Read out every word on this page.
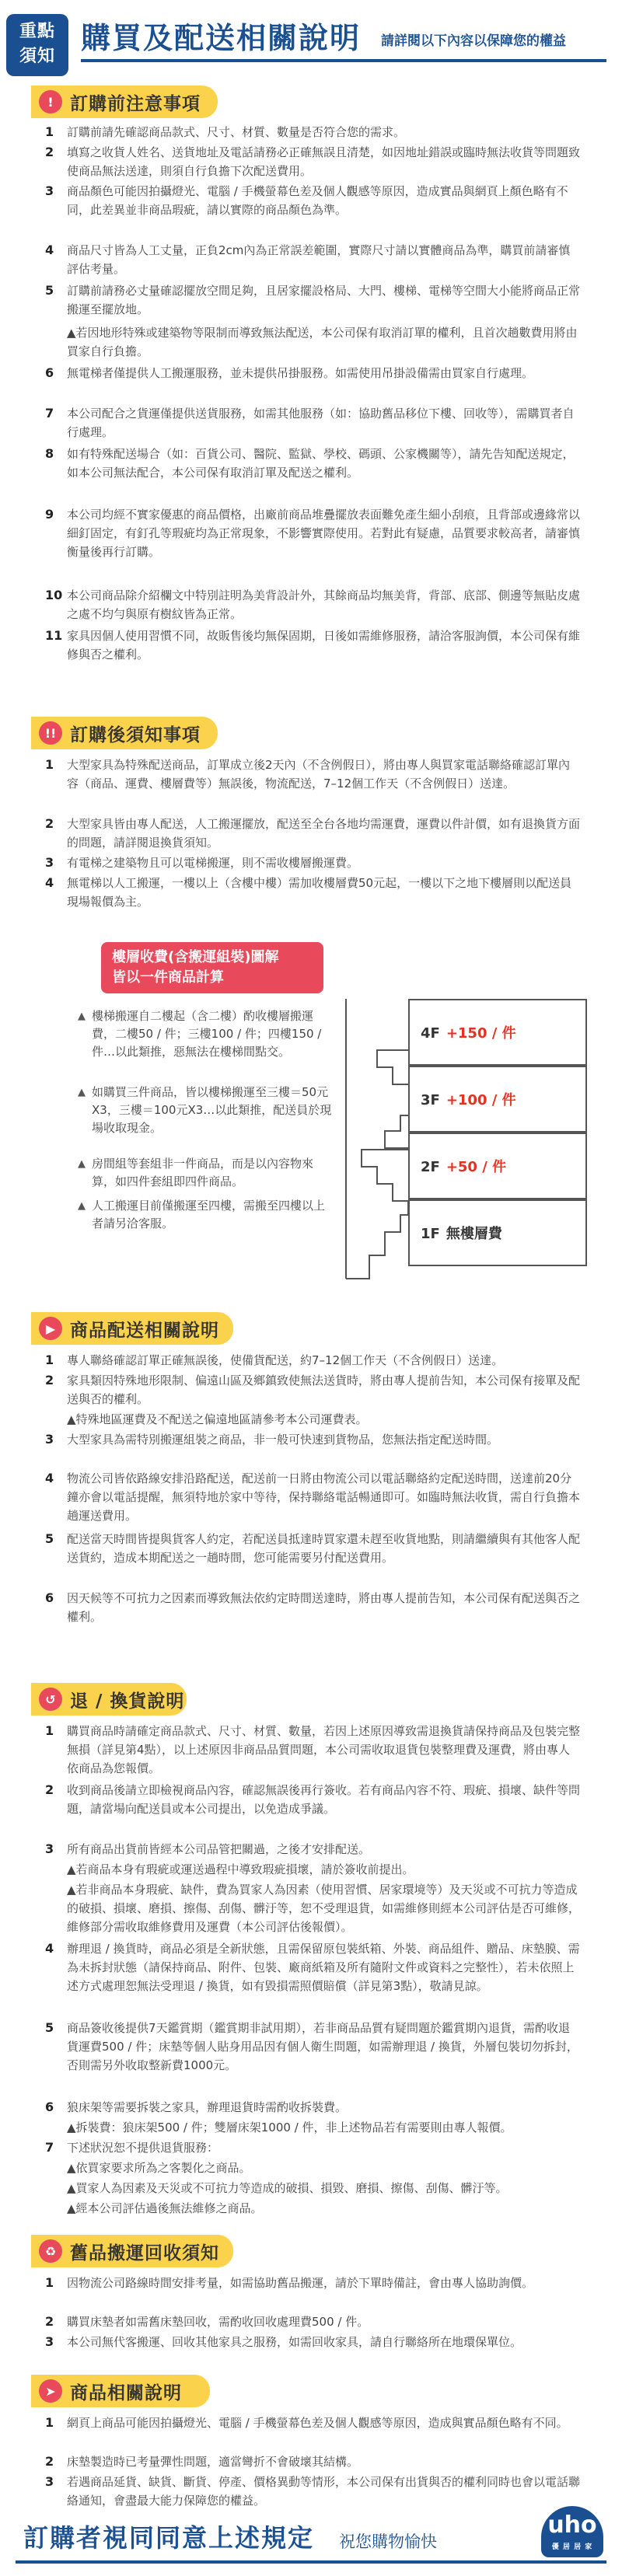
重點
須知
購買及配送相關說明 請詳閱以下內容以保障您的權益
! 訂購前注意事項
1 訂購前請先確認商品款式、尺寸、材質、數量是否符合您的需求。
2 填寫之收貨人姓名、送貨地址及電話請務必正確無誤且清楚，如因地址錯誤或臨時無法收貨等問題致使商品無法送達，則須自行負擔下次配送費用。
3 商品顏色可能因拍攝燈光、電腦 / 手機螢幕色差及個人觀感等原因，造成實品與網頁上顏色略有不同，此差異並非商品瑕疵，請以實際的商品顏色為準。
4 商品尺寸皆為人工丈量，正負2cm內為正常誤差範圍，實際尺寸請以實體商品為準，購買前請審慎評估考量。
5 訂購前請務必丈量確認擺放空間足夠，且居家擺設格局、大門、樓梯、電梯等空間大小能將商品正常搬運至擺放地。
▲若因地形特殊或建築物等限制而導致無法配送，本公司保有取消訂單的權利，且首次趟數費用將由買家自行負擔。
6 無電梯者僅提供人工搬運服務，並未提供吊掛服務。如需使用吊掛設備需由買家自行處理。
7 本公司配合之貨運僅提供送貨服務，如需其他服務（如：協助舊品移位下樓、回收等），需購買者自行處理。
8 如有特殊配送場合（如：百貨公司、醫院、監獄、學校、碼頭、公家機關等），請先告知配送規定，如本公司無法配合，本公司保有取消訂單及配送之權利。
9 本公司均經不實家優惠的商品價格，出廠前商品堆疊擺放表面難免產生細小刮痕，且背部或邊緣常以細釘固定，有釘孔等瑕疵均為正常現象，不影響實際使用。若對此有疑慮，品質要求較高者，請審慎衡量後再行訂購。
10 本公司商品除介紹欄文中特別註明為美背設計外，其餘商品均無美背，背部、底部、側邊等無貼皮處之處不均勻與原有樹紋皆為正常。
11 家具因個人使用習慣不同，故販售後均無保固期，日後如需維修服務，請洽客服詢價，本公司保有維修與否之權利。
!! 訂購後須知事項
1 大型家具為特殊配送商品，訂單成立後2天內（不含例假日），將由專人與買家電話聯絡確認訂單內容（商品、運費、樓層費等）無誤後，物流配送，7–12個工作天（不含例假日）送達。
2 大型家具皆由專人配送，人工搬運擺放，配送至全台各地均需運費，運費以件計價，如有退換貨方面的問題，請詳閱退換貨須知。
3 有電梯之建築物且可以電梯搬運，則不需收樓層搬運費。
4 無電梯以人工搬運，一樓以上（含樓中樓）需加收樓層費50元起，一樓以下之地下樓層則以配送員現場報價為主。
樓層收費(含搬運組裝)圖解
皆以一件商品計算
▲ 樓梯搬運自二樓起（含二樓）酌收樓層搬運費，二樓50 / 件；三樓100 / 件；四樓150 / 件…以此類推，惡無法在樓梯間點交。
▲ 如購買三件商品，皆以樓梯搬運至三樓＝50元X3，三樓＝100元X3…以此類推，配送員於現場收取現金。
▲ 房間組等套組非一件商品，而是以內容物來算，如四件套組即四件商品。
▲ 人工搬運目前僅搬運至四樓，需搬至四樓以上者請另洽客服。
4F +150 / 件
3F +100 / 件
2F +50 / 件
1F 無樓層費
▶ 商品配送相關說明
1 專人聯絡確認訂單正確無誤後，使備貨配送，約7–12個工作天（不含例假日）送達。
2 家具類因特殊地形限制、偏遠山區及鄉鎮致使無法送貨時，將由專人提前告知，本公司保有接單及配送與否的權利。
▲特殊地區運費及不配送之偏遠地區請參考本公司運費表。
3 大型家具為需特別搬運組裝之商品，非一般可快速到貨物品，您無法指定配送時間。
4 物流公司皆依路線安排沿路配送，配送前一日將由物流公司以電話聯絡約定配送時間，送達前20分鐘亦會以電話提醒，無須特地於家中等待，保持聯絡電話暢通即可。如臨時無法收貨，需自行負擔本趟運送費用。
5 配送當天時間皆提與貨客人約定，若配送員抵達時買家還未趕至收貨地點，則請繼續與有其他客人配送貨約，造成本期配送之一趟時間，您可能需要另付配送費用。
6 因天候等不可抗力之因素而導致無法依約定時間送達時，將由專人提前告知，本公司保有配送與否之權利。
↺ 退 / 換貨說明
1 購買商品時請確定商品款式、尺寸、材質、數量，若因上述原因導致需退換貨請保持商品及包裝完整無損（詳見第4點），以上述原因非商品品質問題，本公司需收取退貨包裝整理費及運費，將由專人依商品為您報價。
2 收到商品後請立即檢視商品內容，確認無誤後再行簽收。若有商品內容不符、瑕疵、損壞、缺件等問題，請當場向配送員或本公司提出，以免造成爭議。
3 所有商品出貨前皆經本公司品管把關過，之後才安排配送。
▲若商品本身有瑕疵或運送過程中導致瑕疵損壞，請於簽收前提出。
▲若非商品本身瑕疵、缺件，費為買家人為因素（使用習慣、居家環境等）及天災或不可抗力等造成的破損、損壞、磨損、擦傷、刮傷、髒汙等，恕不受理退貨，如需維修則經本公司評估是否可維修，維修部分需收取維修費用及運費（本公司評估後報價）。
4 辦理退 / 換貨時，商品必須是全新狀態，且需保留原包裝紙箱、外裝、商品組件、贈品、床墊膜、需為未拆封狀態（請保持商品、附件、包裝、廠商紙箱及所有隨附文件或資料之完整性），若未依照上述方式處理恕無法受理退 / 換貨，如有毀損需照價賠償（詳見第3點），敬請見諒。
5 商品簽收後提供7天鑑賞期（鑑賞期非試用期），若非商品品質有疑問題於鑑賞期內退貨，需酌收退貨運費500 / 件；床墊等個人貼身用品因有個人衛生問題，如需辦理退 / 換貨，外層包裝切勿拆封，否則需另外收取整新費1000元。
6 狼床架等需要拆裝之家具，辦理退貨時需酌收拆裝費。
▲拆裝費：狼床架500 / 件；雙層床架1000 / 件，非上述物品若有需要則由專人報價。
7 下述狀況恕不提供退貨服務：
▲依買家要求所為之客製化之商品。
▲買家人為因素及天災或不可抗力等造成的破損、損毀、磨損、擦傷、刮傷、髒汙等。
▲經本公司評估過後無法維修之商品。
♻ 舊品搬運回收須知
1 因物流公司路線時間安排考量，如需協助舊品搬運，請於下單時備註，會由專人協助詢價。
2 購買床墊者如需舊床墊回收，需酌收回收處理費500 / 件。
3 本公司無代客搬運、回收其他家具之服務，如需回收家具，請自行聯絡所在地環保單位。
➤ 商品相關說明
1 網頁上商品可能因拍攝燈光、電腦 / 手機螢幕色差及個人觀感等原因，造成與實品顏色略有不同。
2 床墊製造時已考量彈性問題，適當彎折不會破壞其結構。
3 若遇商品延貨、缺貨、斷貨、停產、價格異動等情形，本公司保有出貨與否的權利同時也會以電話聯絡通知，會盡最大能力保障您的權益。
訂購者視同同意上述規定 祝您購物愉快
uho
優 居 居 家
